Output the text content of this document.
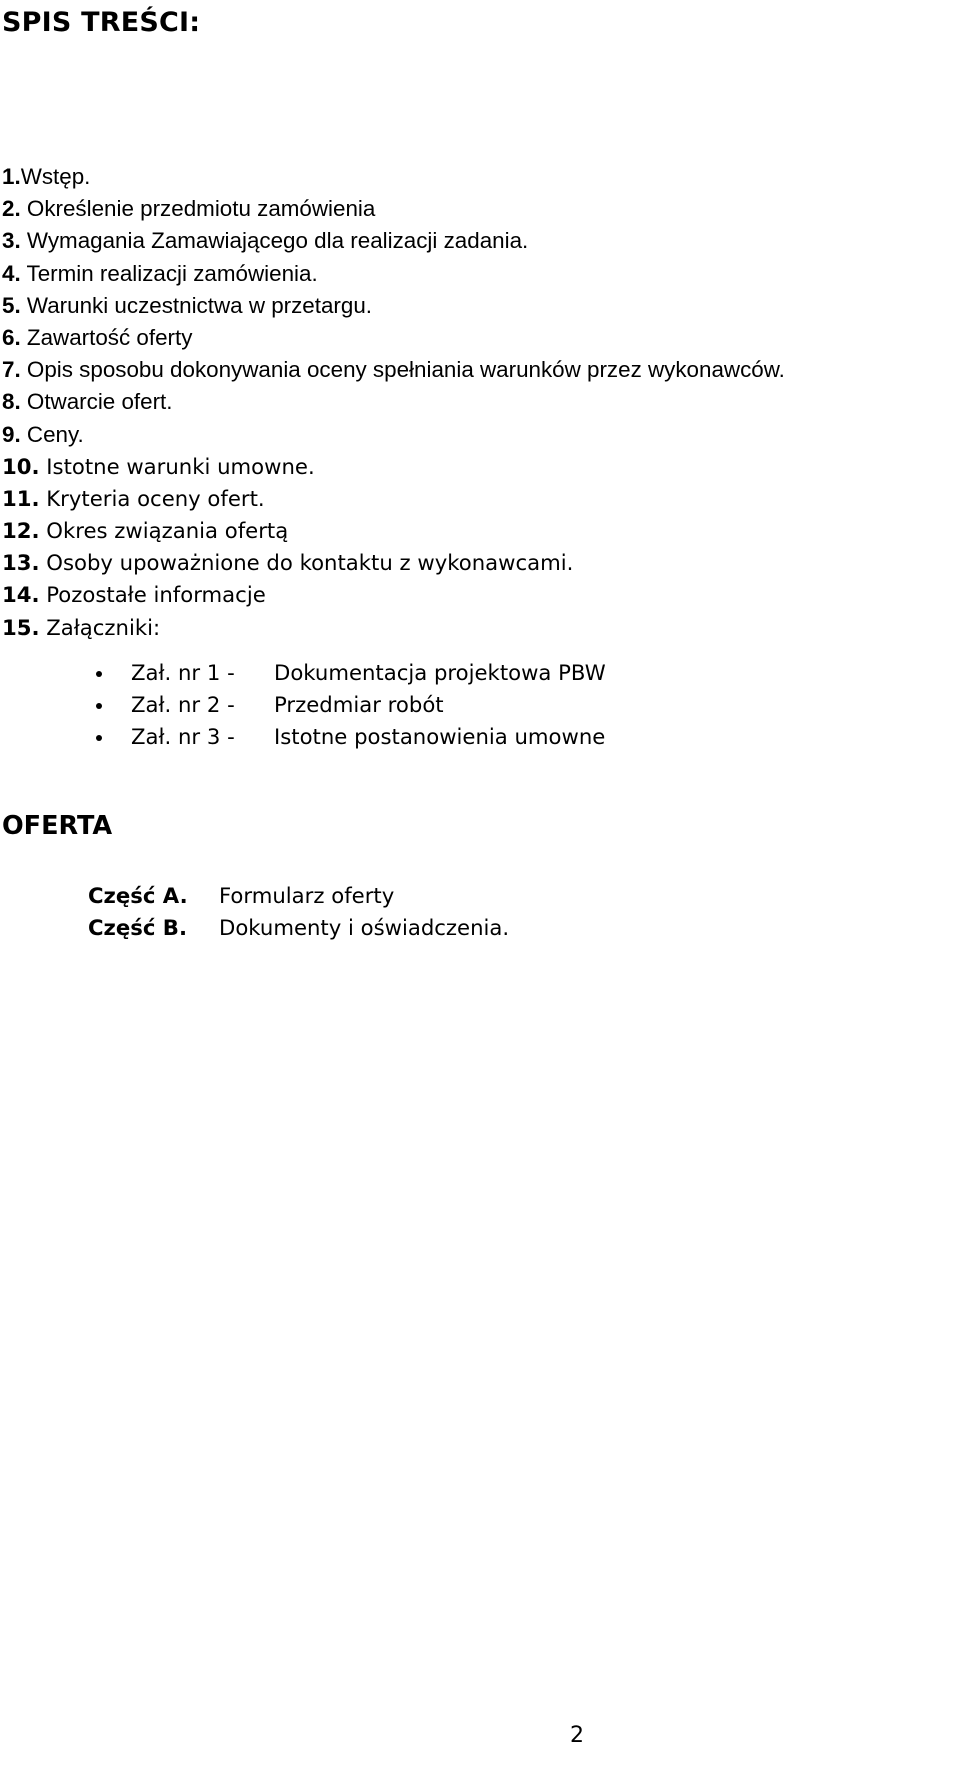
SPIS TREŚCI:
1.Wstęp.
2. Określenie przedmiotu zamówienia
3. Wymagania Zamawiającego dla realizacji zadania.
4. Termin realizacji zamówienia.
5. Warunki uczestnictwa w przetargu.
6. Zawartość oferty
7. Opis sposobu dokonywania oceny spełniania warunków przez wykonawców.
8. Otwarcie ofert.
9. Ceny.
10. Istotne warunki umowne.
11. Kryteria oceny ofert.
12. Okres związania ofertą
13. Osoby upoważnione do kontaktu z wykonawcami.
14. Pozostałe informacje
15. Załączniki:
Zał. nr 1 - Dokumentacja projektowa PBW
Zał. nr 2 - Przedmiar robót
Zał. nr 3 - Istotne postanowienia umowne
OFERTA
Część A. Formularz oferty
Część B. Dokumenty i oświadczenia.
2
